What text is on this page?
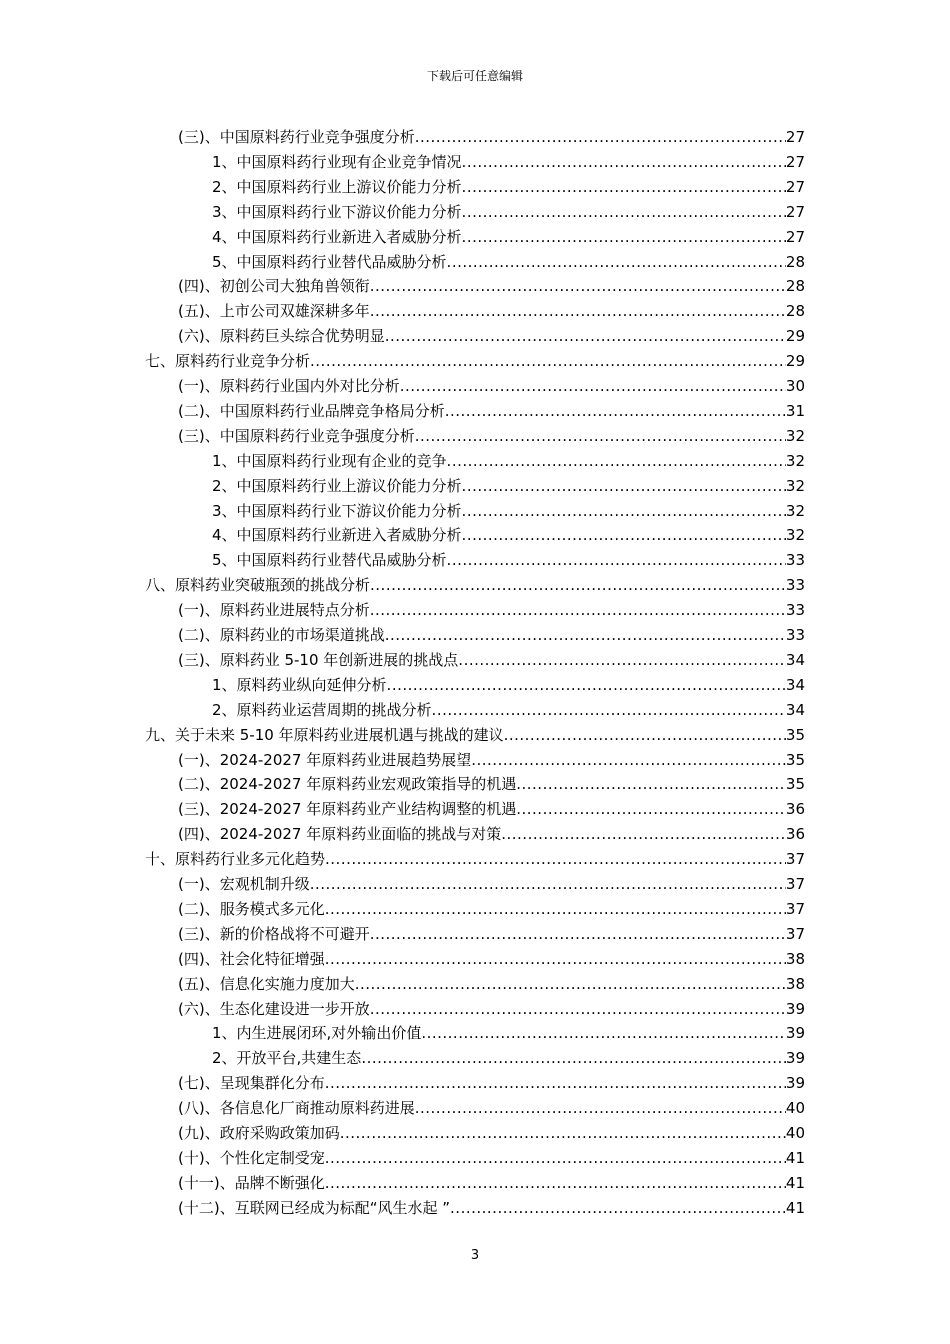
下载后可任意编辑
(三)、中国原料药行业竞争强度分析 .....	27
1、中国原料药行业现有企业竞争情况 .....	27
2、中国原料药行业上游议价能力分析 .....	27
3、中国原料药行业下游议价能力分析 .....	27
4、中国原料药行业新进入者威胁分析 .....	27
5、中国原料药行业替代品威胁分析 .....	28
(四)、初创公司大独角兽领衔 .....	28
(五)、上市公司双雄深耕多年 .....	28
(六)、原料药巨头综合优势明显 .....	29
七、原料药行业竞争分析 .....	29
(一)、原料药行业国内外对比分析 .....	30
(二)、中国原料药行业品牌竞争格局分析 .....	31
(三)、中国原料药行业竞争强度分析 .....	32
1、中国原料药行业现有企业的竞争 .....	32
2、中国原料药行业上游议价能力分析 .....	32
3、中国原料药行业下游议价能力分析 .....	32
4、中国原料药行业新进入者威胁分析 .....	32
5、中国原料药行业替代品威胁分析 .....	33
八、原料药业突破瓶颈的挑战分析 .....	33
(一)、原料药业进展特点分析 .....	33
(二)、原料药业的市场渠道挑战 .....	33
(三)、原料药业 5-10 年创新进展的挑战点 .....	34
1、原料药业纵向延伸分析 .....	34
2、原料药业运营周期的挑战分析 .....	34
九、关于未来 5-10 年原料药业进展机遇与挑战的建议 .....	35
(一)、2024-2027 年原料药业进展趋势展望 .....	35
(二)、2024-2027 年原料药业宏观政策指导的机遇 .....	35
(三)、2024-2027 年原料药业产业结构调整的机遇 .....	36
(四)、2024-2027 年原料药业面临的挑战与对策 .....	36
十、原料药行业多元化趋势 .....	37
(一)、宏观机制升级 .....	37
(二)、服务模式多元化 .....	37
(三)、新的价格战将不可避开 .....	37
(四)、社会化特征增强 .....	38
(五)、信息化实施力度加大 .....	38
(六)、生态化建设进一步开放 .....	39
1、内生进展闭环,对外输出价值 .....	39
2、开放平台,共建生态 .....	39
(七)、呈现集群化分布 .....	39
(八)、各信息化厂商推动原料药进展 .....	40
(九)、政府采购政策加码 .....	40
(十)、个性化定制受宠 .....	41
(十一)、品牌不断强化 .....	41
(十二)、互联网已经成为标配“风生水起 ” .....	41
3
